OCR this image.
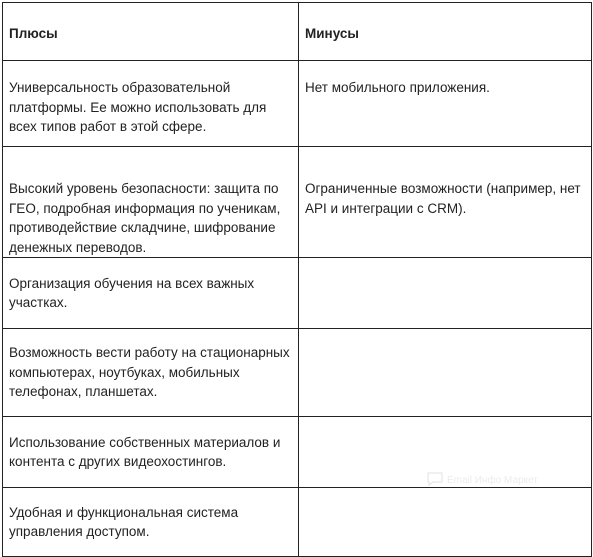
Плюсы	Минусы

Универсальность образовательной платформы. Ее можно использовать для всех типов работ в этой сфере.	Нет мобильного приложения.

Высокий уровень безопасности: защита по ГЕО, подробная информация по ученикам, противодействие складчине, шифрование денежных переводов.	Ограниченные возможности (например, нет API и интеграции с CRM).

Организация обучения на всех важных участках.	

Возможность вести работу на стационарных компьютерах, ноутбуках, мобильных телефонах, планшетах.	

Использование собственных материалов и контента с других видеохостингов.	

Удобная и функциональная система управления доступом.	

Email Инфо Маркет
